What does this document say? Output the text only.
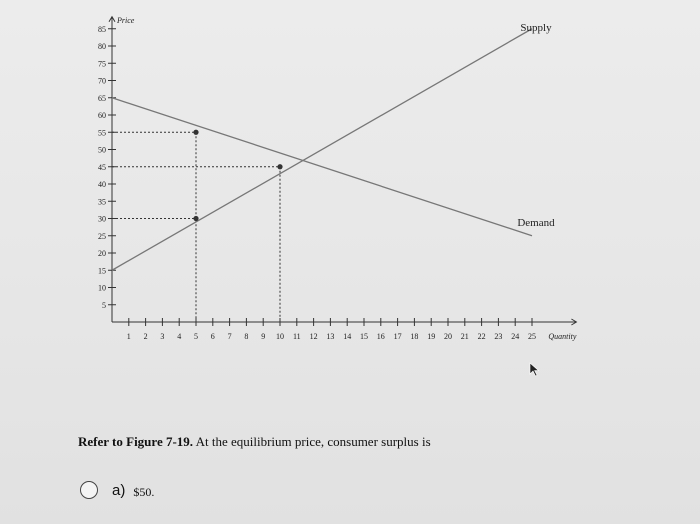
5
10
15
20
25
30
35
40
45
50
55
60
65
70
75
80
85
1 2 3 4 5 6 7 8 9 10 11 12 13 14 15 16 17 18 19 20 21 22 23 24 25
Price
Quantity
Supply
Demand
Refer to Figure 7-19. At the equilibrium price, consumer surplus is
a) $50.
